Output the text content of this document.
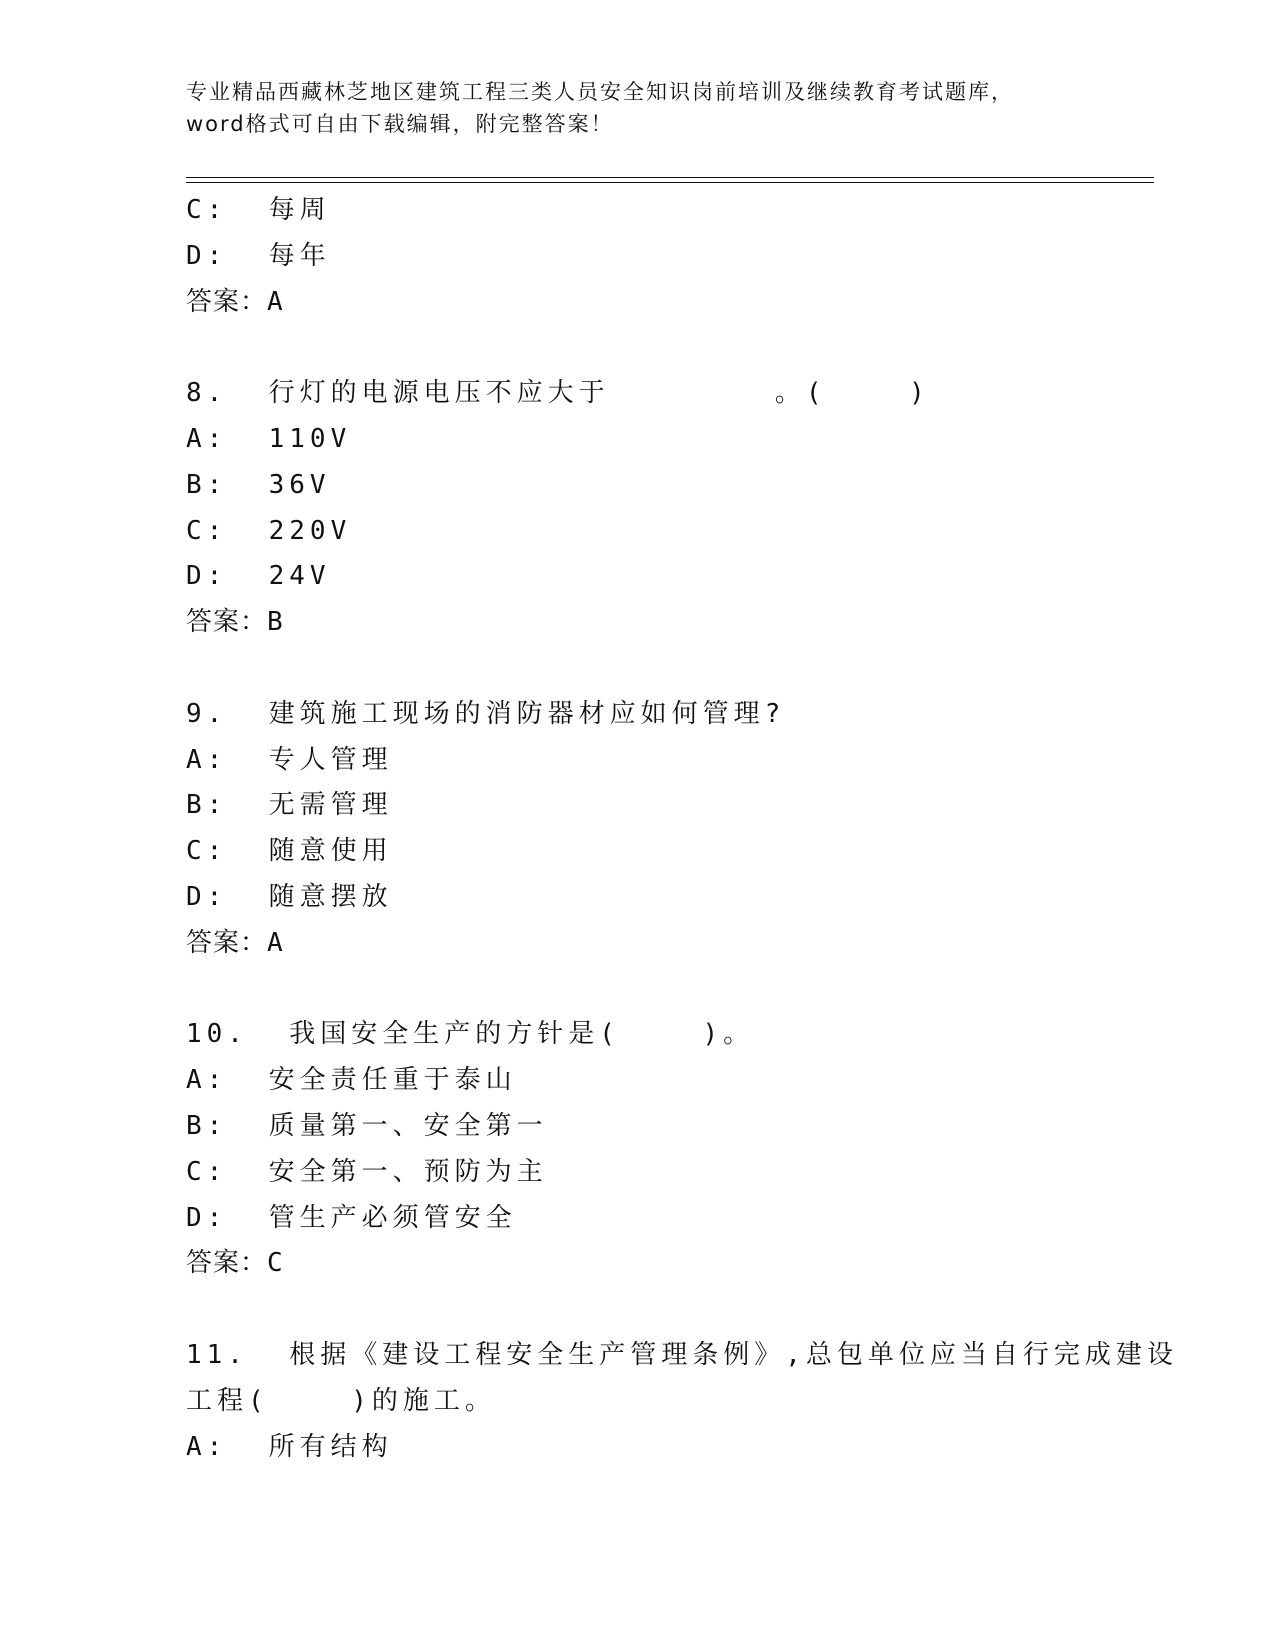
专业精品西藏林芝地区建筑工程三类人员安全知识岗前培训及继续教育考试题库，
word格式可自由下载编辑，附完整答案！
C:  每周
D:  每年
答案：A
8.  行灯的电源电压不应大于        。(    )
A:  110V
B:  36V
C:  220V
D:  24V
答案：B
9.  建筑施工现场的消防器材应如何管理?
A:  专人管理
B:  无需管理
C:  随意使用
D:  随意摆放
答案：A
10.  我国安全生产的方针是(    )。
A:  安全责任重于泰山
B:  质量第一、安全第一
C:  安全第一、预防为主
D:  管生产必须管安全
答案：C
11.  根据《建设工程安全生产管理条例》,总包单位应当自行完成建设
工程(    )的施工。
A:  所有结构
